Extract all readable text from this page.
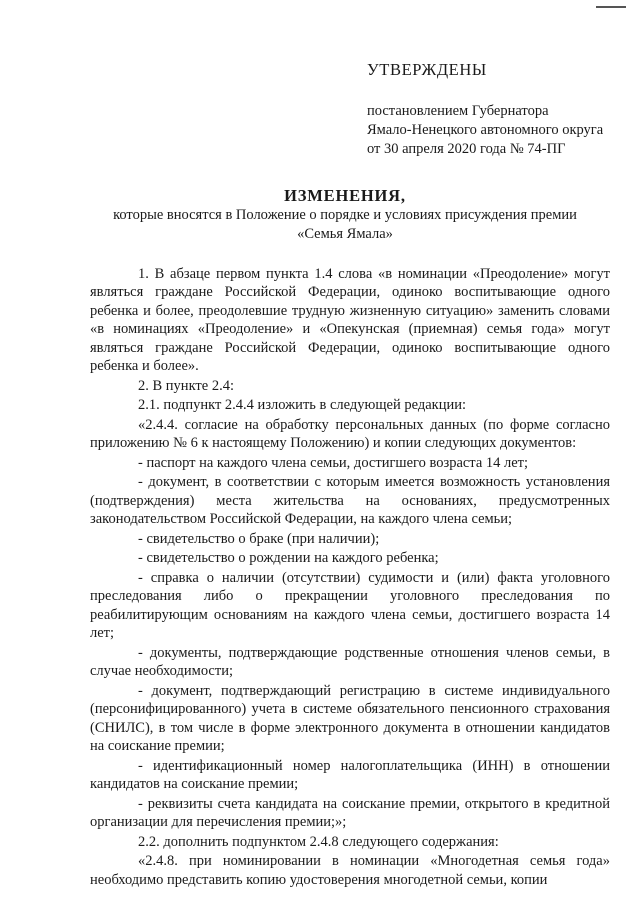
УТВЕРЖДЕНЫ
постановлением Губернатора
Ямало-Ненецкого автономного округа
от 30 апреля 2020 года № 74-ПГ
ИЗМЕНЕНИЯ,
которые вносятся в Положение о порядке и условиях присуждения премии
«Семья Ямала»

1. В абзаце первом пункта 1.4 слова «в номинации «Преодоление» могут являться граждане Российской Федерации, одиноко воспитывающие одного ребенка и более, преодолевшие трудную жизненную ситуацию» заменить словами «в номинациях «Преодоление» и «Опекунская (приемная) семья года» могут являться граждане Российской Федерации, одиноко воспитывающие одного ребенка и более».

2. В пункте 2.4:

2.1. подпункт 2.4.4 изложить в следующей редакции:

«2.4.4. согласие на обработку персональных данных (по форме согласно приложению № 6 к настоящему Положению) и копии следующих документов:

- паспорт на каждого члена семьи, достигшего возраста 14 лет;

- документ, в соответствии с которым имеется возможность установления (подтверждения) места жительства на основаниях, предусмотренных законодательством Российской Федерации, на каждого члена семьи;

- свидетельство о браке (при наличии);

- свидетельство о рождении на каждого ребенка;

- справка о наличии (отсутствии) судимости и (или) факта уголовного преследования либо о прекращении уголовного преследования по реабилитирующим основаниям на каждого члена семьи, достигшего возраста 14 лет;

- документы, подтверждающие родственные отношения членов семьи, в случае необходимости;

- документ, подтверждающий регистрацию в системе индивидуального (персонифицированного) учета в системе обязательного пенсионного страхования (СНИЛС), в том числе в форме электронного документа в отношении кандидатов на соискание премии;

- идентификационный номер налогоплательщика (ИНН) в отношении кандидатов на соискание премии;

- реквизиты счета кандидата на соискание премии, открытого в кредитной организации для перечисления премии;»;

2.2. дополнить подпунктом 2.4.8 следующего содержания:

«2.4.8. при номинировании в номинации «Многодетная семья года» необходимо представить копию удостоверения многодетной семьи, копии
